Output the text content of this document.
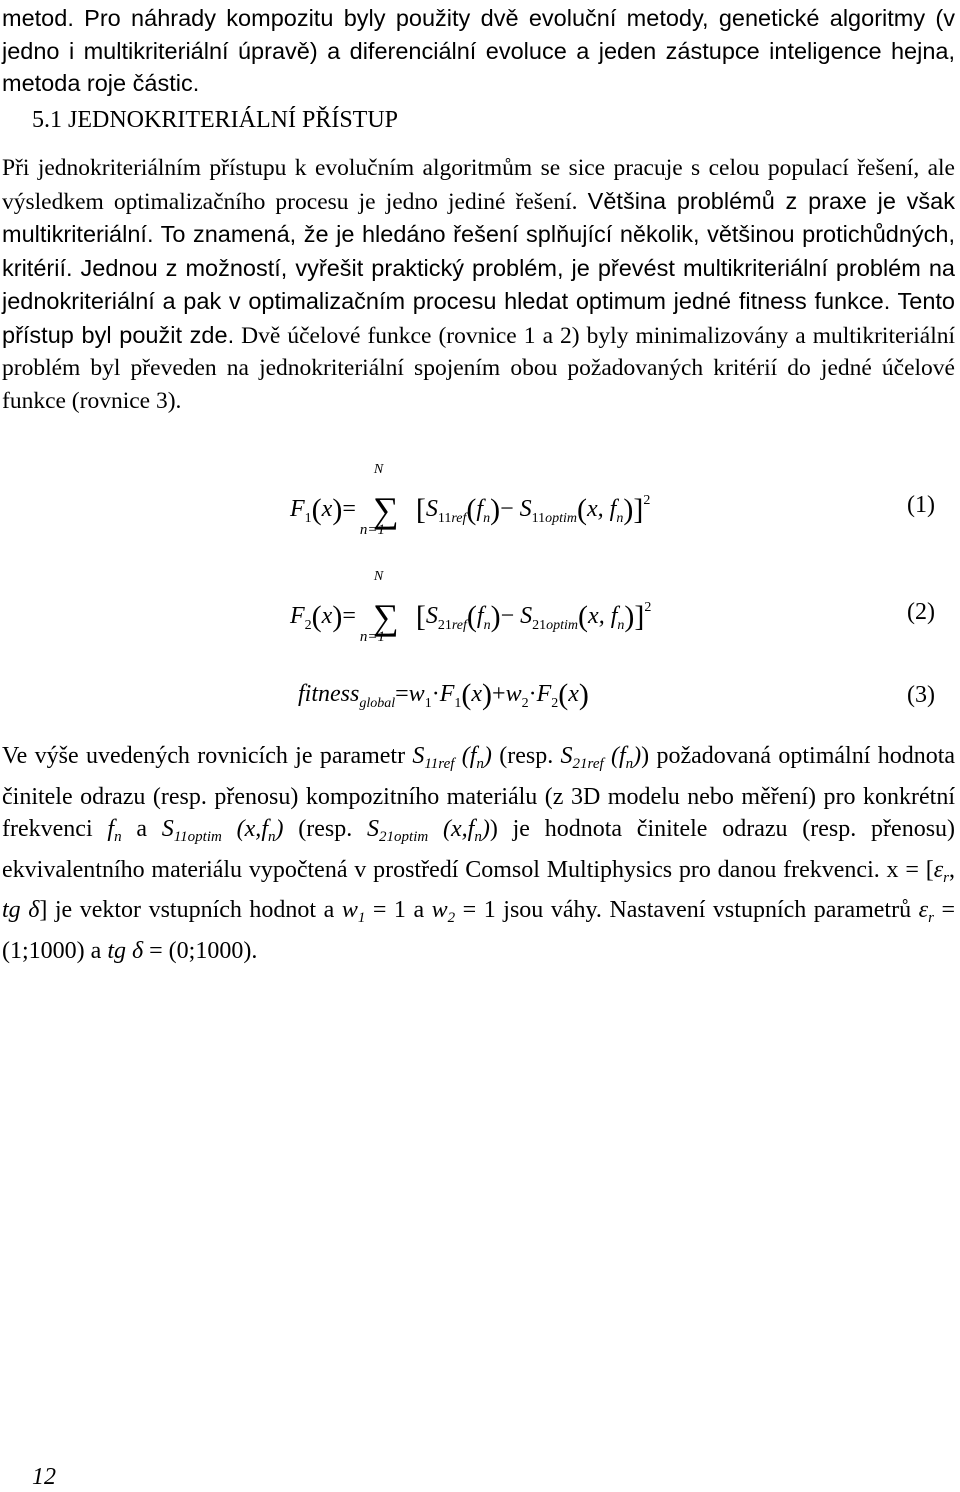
metod. Pro náhrady kompozitu byly použity dvě evoluční metody, genetické algoritmy (v jedno i multikriteriální úpravě) a diferenciální evoluce a jeden zástupce inteligence hejna, metoda roje částic.

5.1 JEDNOKRITERIÁLNÍ PŘÍSTUP

Při jednokriteriálním přístupu k evolučním algoritmům se sice pracuje s celou populací řešení, ale výsledkem optimalizačního procesu je jedno jediné řešení. Většina problémů z praxe je však multikriteriální. To znamená, že je hledáno řešení splňující několik, většinou protichůdných, kritérií. Jednou z možností, vyřešit praktický problém, je převést multikriteriální problém na jednokriteriální a pak v optimalizačním procesu hledat optimum jedné fitness funkce. Tento přístup byl použit zde. Dvě účelové funkce (rovnice 1 a 2) byly minimalizovány a multikriteriální problém byl převeden na jednokriteriální spojením obou požadovaných kritérií do jedné účelové funkce (rovnice 3).

$F_1(x)=$
N
∑
n=1
[$S_{11ref}(f_n)- S_{11optim}(x$, $f_n)]^2$	(1)
$F_2(x)=$
N
∑
n=1
[$S_{21ref}(f_n)- S_{21optim}(x$, $f_n)]^2$	(2)
$fitness_{global}=w_1\cdot F_1(x)+w_2\cdot F_2(x)$	(3)

Ve výše uvedených rovnicích je parametr $S_{11ref}$ $(f_n)$ (resp. $S_{21ref}$ $(f_n)$) požadovaná optimální hodnota činitele odrazu (resp. přenosu) kompozitního materiálu (z 3D modelu nebo měření) pro konkrétní frekvenci $f_n$ a $S_{11optim}$ $(x,f_n)$ (resp. $S_{21optim}$ $(x,f_n)$) je hodnota činitele odrazu (resp. přenosu) ekvivalentního materiálu vypočtená v prostředí Comsol Multiphysics pro danou frekvenci. $x = [\varepsilon_r$, tg δ] je vektor vstupních hodnot a $w_1 = 1$ a $w_2 = 1$ jsou váhy. Nastavení vstupních parametrů $\varepsilon_r$ = (1;1000) a tg δ = (0;1000).

12
